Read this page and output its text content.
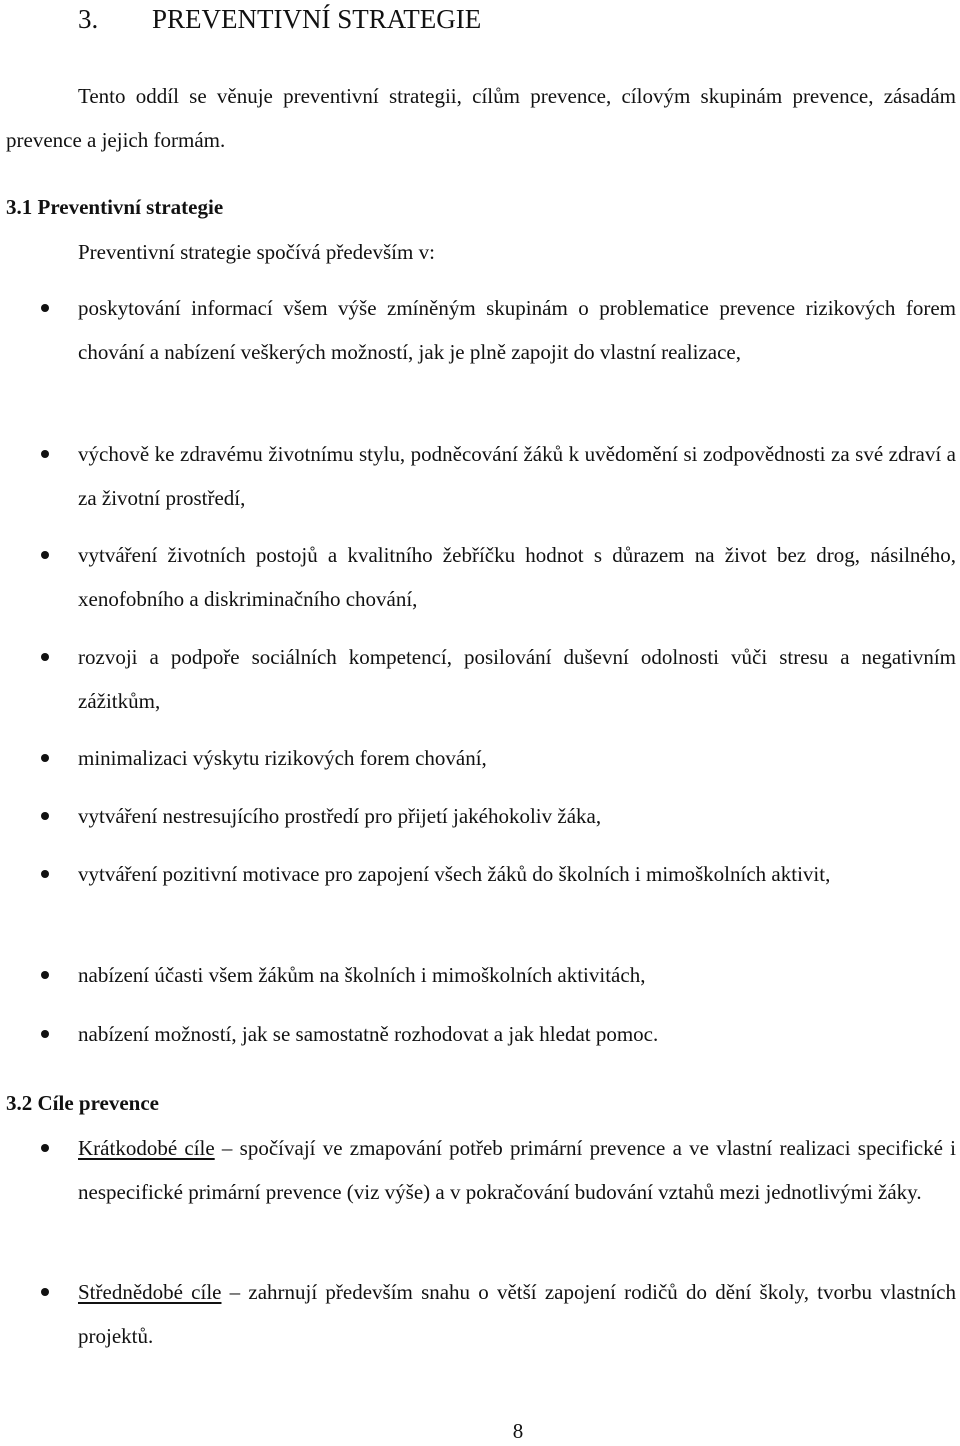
3. PREVENTIVNÍ STRATEGIE

Tento oddíl se věnuje preventivní strategii, cílům prevence, cílovým skupinám prevence, zásadám prevence a jejich formám.

3.1 Preventivní strategie
Preventivní strategie spočívá především v:
poskytování informací všem výše zmíněným skupinám o problematice prevence rizikových forem chování a nabízení veškerých možností, jak je plně zapojit do vlastní realizace,
výchově ke zdravému životnímu stylu, podněcování žáků k uvědomění si zodpovědnosti za své zdraví a za životní prostředí,
vytváření životních postojů a kvalitního žebříčku hodnot s důrazem na život bez drog, násilného, xenofobního a diskriminačního chování,
rozvoji a podpoře sociálních kompetencí, posilování duševní odolnosti vůči stresu a negativním zážitkům,
minimalizaci výskytu rizikových forem chování,
vytváření nestresujícího prostředí pro přijetí jakéhokoliv žáka,
vytváření pozitivní motivace pro zapojení všech žáků do školních i mimoškolních aktivit,
nabízení účasti všem žákům na školních i mimoškolních aktivitách,
nabízení možností, jak se samostatně rozhodovat a jak hledat pomoc.
3.2 Cíle prevence
Krátkodobé cíle – spočívají ve zmapování potřeb primární prevence a ve vlastní realizaci specifické i nespecifické primární prevence (viz výše) a v pokračování budování vztahů mezi jednotlivými žáky.
Střednědobé cíle – zahrnují především snahu o větší zapojení rodičů do dění školy, tvorbu vlastních projektů.
8
